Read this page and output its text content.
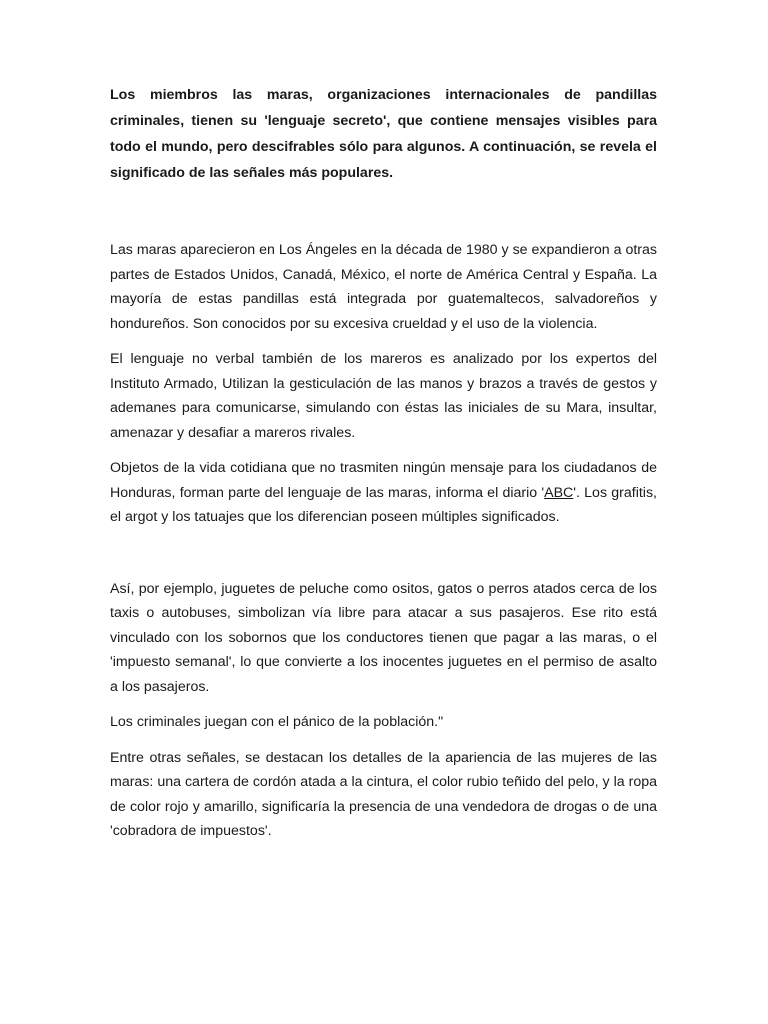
Los miembros las maras, organizaciones internacionales de pandillas criminales, tienen su 'lenguaje secreto', que contiene mensajes visibles para todo el mundo, pero descifrables sólo para algunos. A continuación, se revela el significado de las señales más populares.

Las maras aparecieron en Los Ángeles en la década de 1980 y se expandieron a otras partes de Estados Unidos, Canadá, México, el norte de América Central y España. La mayoría de estas pandillas está integrada por guatemaltecos, salvadoreños y hondureños. Son conocidos por su excesiva crueldad y el uso de la violencia.

El lenguaje no verbal también de los mareros es analizado por los expertos del Instituto Armado, Utilizan la gesticulación de las manos y brazos a través de gestos y ademanes para comunicarse, simulando con éstas las iniciales de su Mara, insultar, amenazar y desafiar a mareros rivales.

Objetos de la vida cotidiana que no trasmiten ningún mensaje para los ciudadanos de Honduras, forman parte del lenguaje de las maras, informa el diario 'ABC'. Los grafitis, el argot y los tatuajes que los diferencian poseen múltiples significados.

Así, por ejemplo, juguetes de peluche como ositos, gatos o perros atados cerca de los taxis o autobuses, simbolizan vía libre para atacar a sus pasajeros. Ese rito está vinculado con los sobornos que los conductores tienen que pagar a las maras, o el 'impuesto semanal', lo que convierte a los inocentes juguetes en el permiso de asalto a los pasajeros.

Los criminales juegan con el pánico de la población."

Entre otras señales, se destacan los detalles de la apariencia de las mujeres de las maras: una cartera de cordón atada a la cintura, el color rubio teñido del pelo, y la ropa de color rojo y amarillo, significaría la presencia de una vendedora de drogas o de una 'cobradora de impuestos'.
